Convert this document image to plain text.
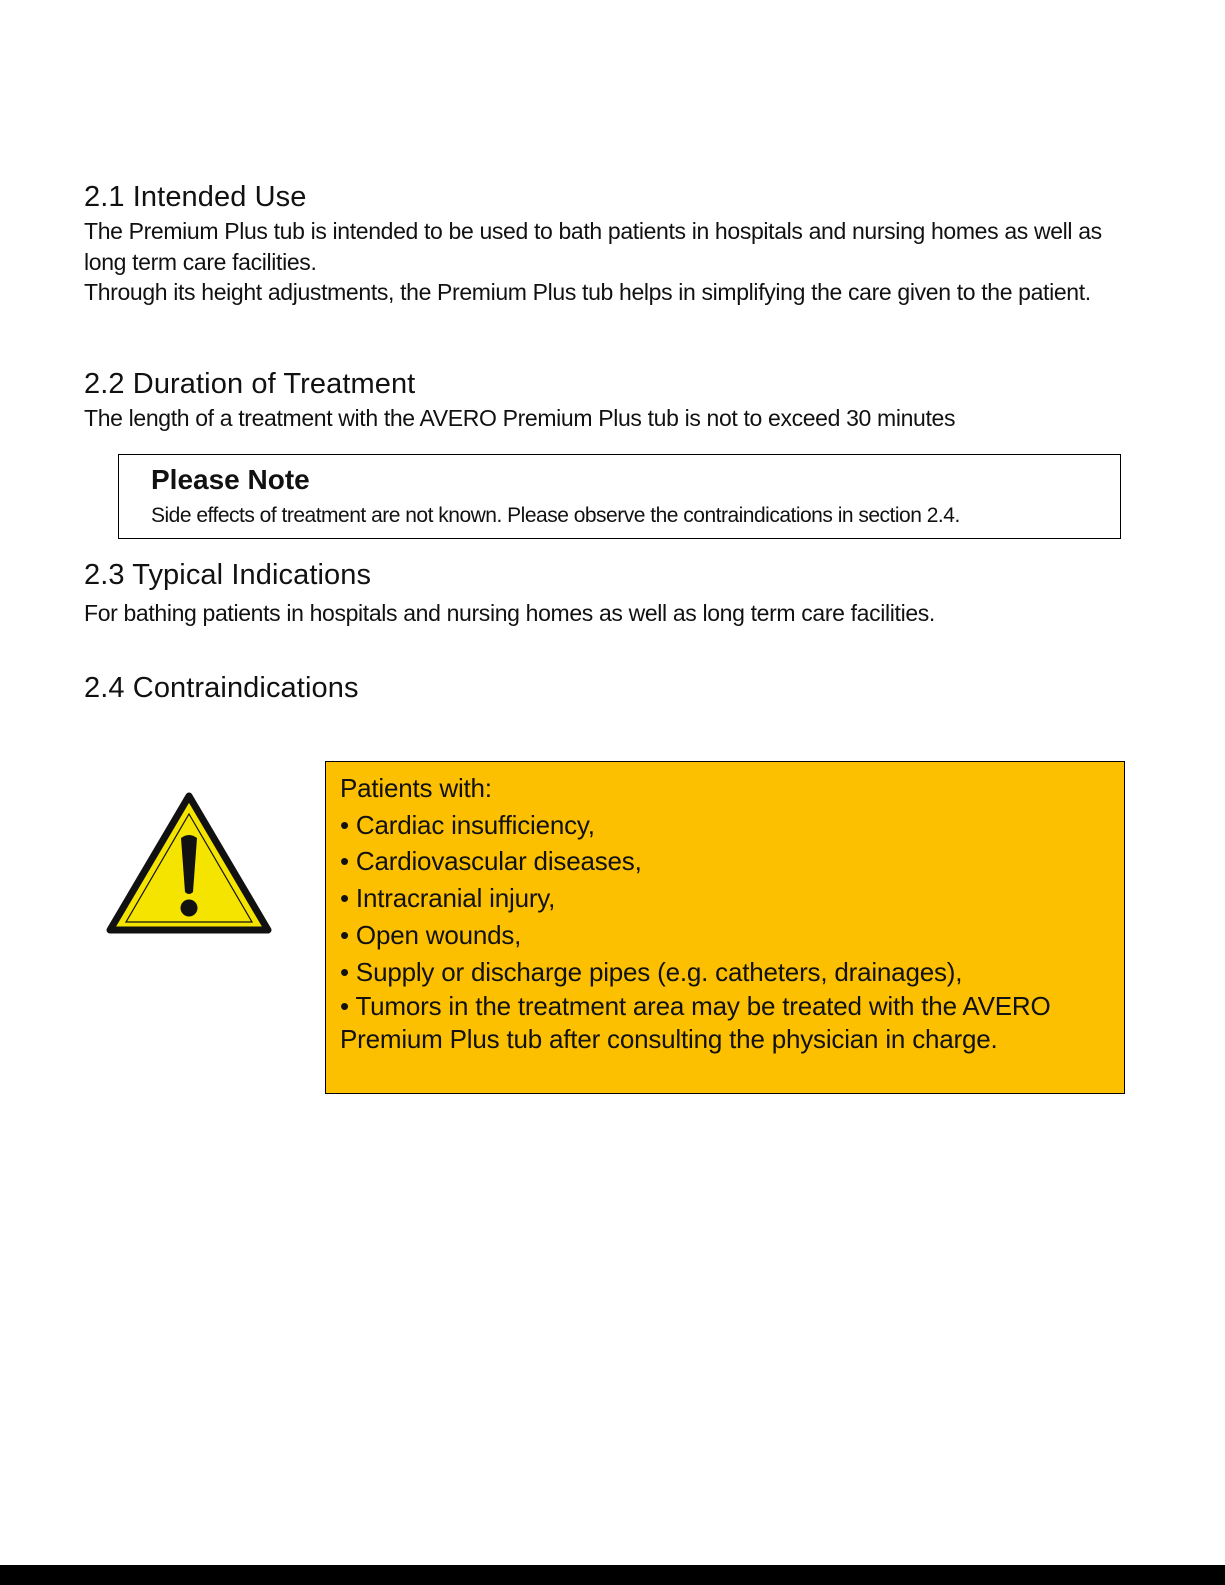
2.1 Intended Use

The Premium Plus tub is intended to be used to bath patients in hospitals and nursing homes as well as long term care facilities.

Through its height adjustments, the Premium Plus tub helps in simplifying the care given to the patient.

2.2 Duration of Treatment

The length of a treatment with the AVERO Premium Plus tub is not to exceed 30 minutes

Please Note
Side effects of treatment are not known. Please observe the contraindications in section 2.4.
2.3 Typical Indications

For bathing patients in hospitals and nursing homes as well as long term care facilities.

2.4 Contraindications

Patients with:

• Cardiac insufficiency,

• Cardiovascular diseases,

• Intracranial injury,

• Open wounds,

• Supply or discharge pipes (e.g. catheters, drainages),

• Tumors in the treatment area may be treated with the AVERO Premium Plus tub after consulting the physician in charge.
